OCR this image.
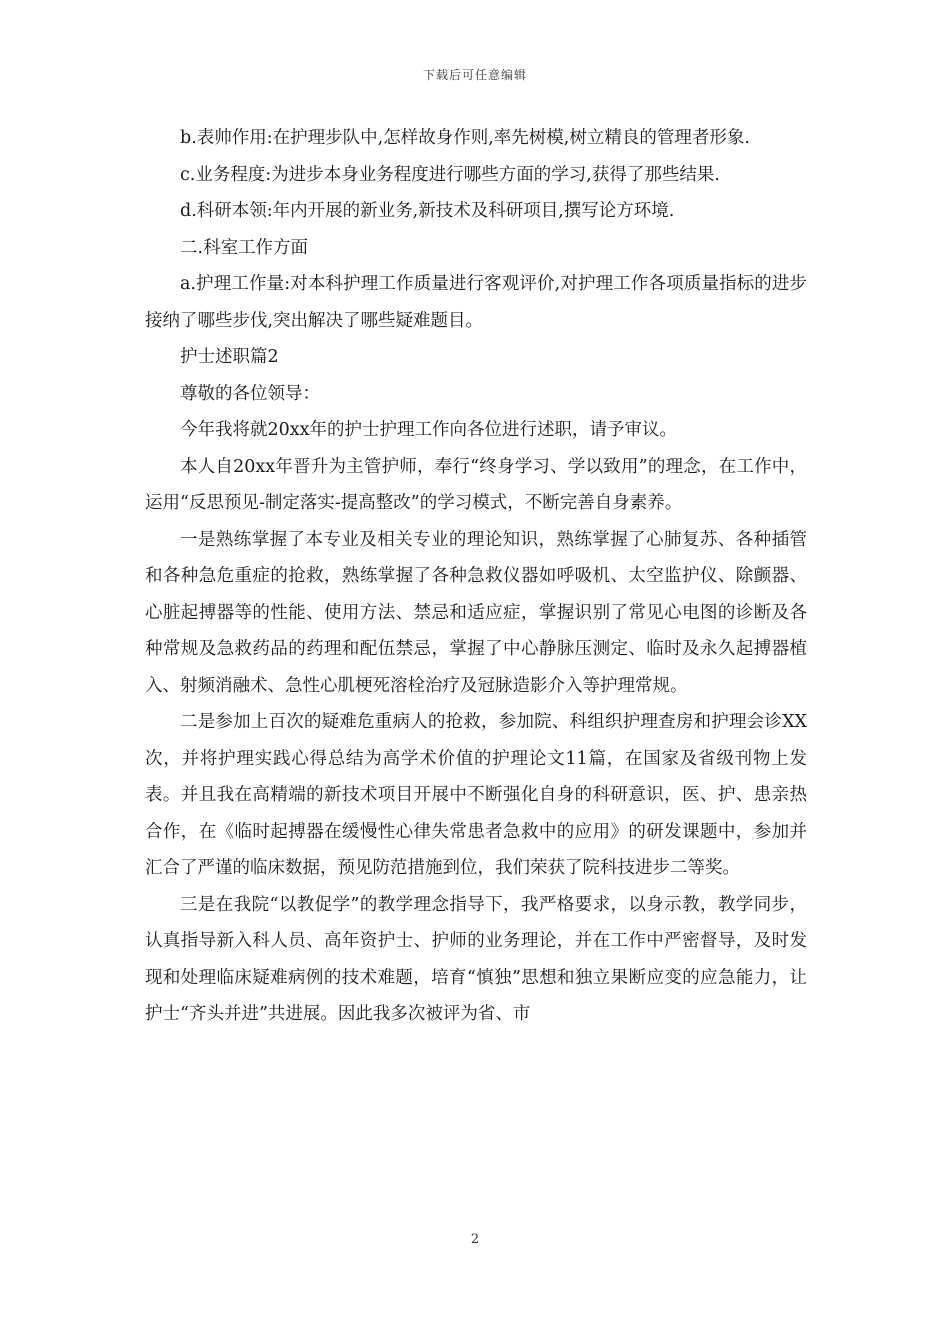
下载后可任意编辑

b.表帅作用:在护理步队中,怎样故身作则,率先树模,树立精良的管理者形象.

c.业务程度:为进步本身业务程度进行哪些方面的学习,获得了那些结果.

d.科研本领:年内开展的新业务,新技术及科研项目,撰写论方环境.

二.科室工作方面

a.护理工作量:对本科护理工作质量进行客观评价,对护理工作各项质量指标的进步接纳了哪些步伐,突出解决了哪些疑难题目。

护士述职篇2

尊敬的各位领导：

今年我将就20xx年的护士护理工作向各位进行述职，请予审议。

本人自20xx年晋升为主管护师，奉行“终身学习、学以致用”的理念，在工作中，运用“反思预见-制定落实-提高整改”的学习模式，不断完善自身素养。

一是熟练掌握了本专业及相关专业的理论知识，熟练掌握了心肺复苏、各种插管和各种急危重症的抢救，熟练掌握了各种急救仪器如呼吸机、太空监护仪、除颤器、心脏起搏器等的性能、使用方法、禁忌和适应症，掌握识别了常见心电图的诊断及各种常规及急救药品的药理和配伍禁忌，掌握了中心静脉压测定、临时及永久起搏器植入、射频消融术、急性心肌梗死溶栓治疗及冠脉造影介入等护理常规。

二是参加上百次的疑难危重病人的抢救，参加院、科组织护理查房和护理会诊XX次，并将护理实践心得总结为高学术价值的护理论文11篇，在国家及省级刊物上发表。并且我在高精端的新技术项目开展中不断强化自身的科研意识，医、护、患亲热合作，在《临时起搏器在缓慢性心律失常患者急救中的应用》的研发课题中，参加并汇合了严谨的临床数据，预见防范措施到位，我们荣获了院科技进步二等奖。

三是在我院“以教促学”的教学理念指导下，我严格要求，以身示教，教学同步，认真指导新入科人员、高年资护士、护师的业务理论，并在工作中严密督导，及时发现和处理临床疑难病例的技术难题，培育“慎独”思想和独立果断应变的应急能力，让护士“齐头并进”共进展。因此我多次被评为省、市

2
